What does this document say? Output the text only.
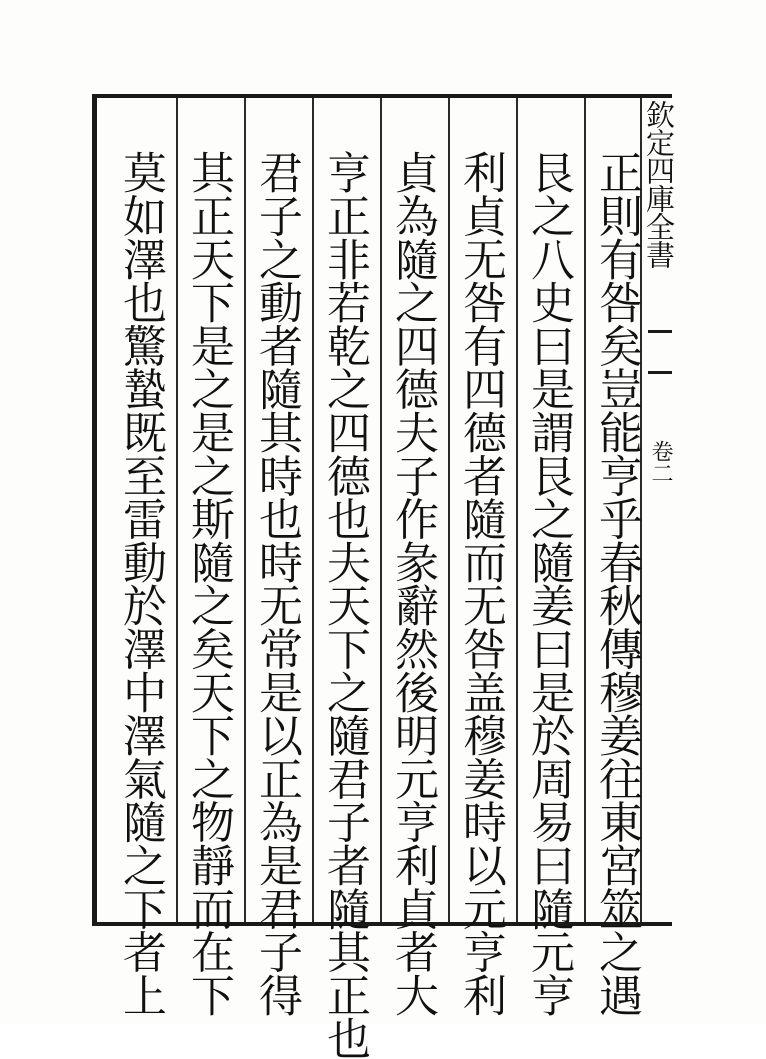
正則有咎矣豈能亨乎春秋傳穆姜往東宮筮之遇
艮之八史曰是謂艮之隨姜曰是於周易曰隨元亨
利貞无咎有四德者隨而无咎盖穆姜時以元亨利
貞為隨之四德夫子作彖辭然後明元亨利貞者大
亨正非若乾之四德也夫天下之隨君子者隨其正也
君子之動者隨其時也時无常是以正為是君子得
其正天下是之是之斯隨之矣天下之物靜而在下
莫如澤也驚蟄既至雷動於澤中澤氣隨之下者上	欽定四庫全書
卷二
